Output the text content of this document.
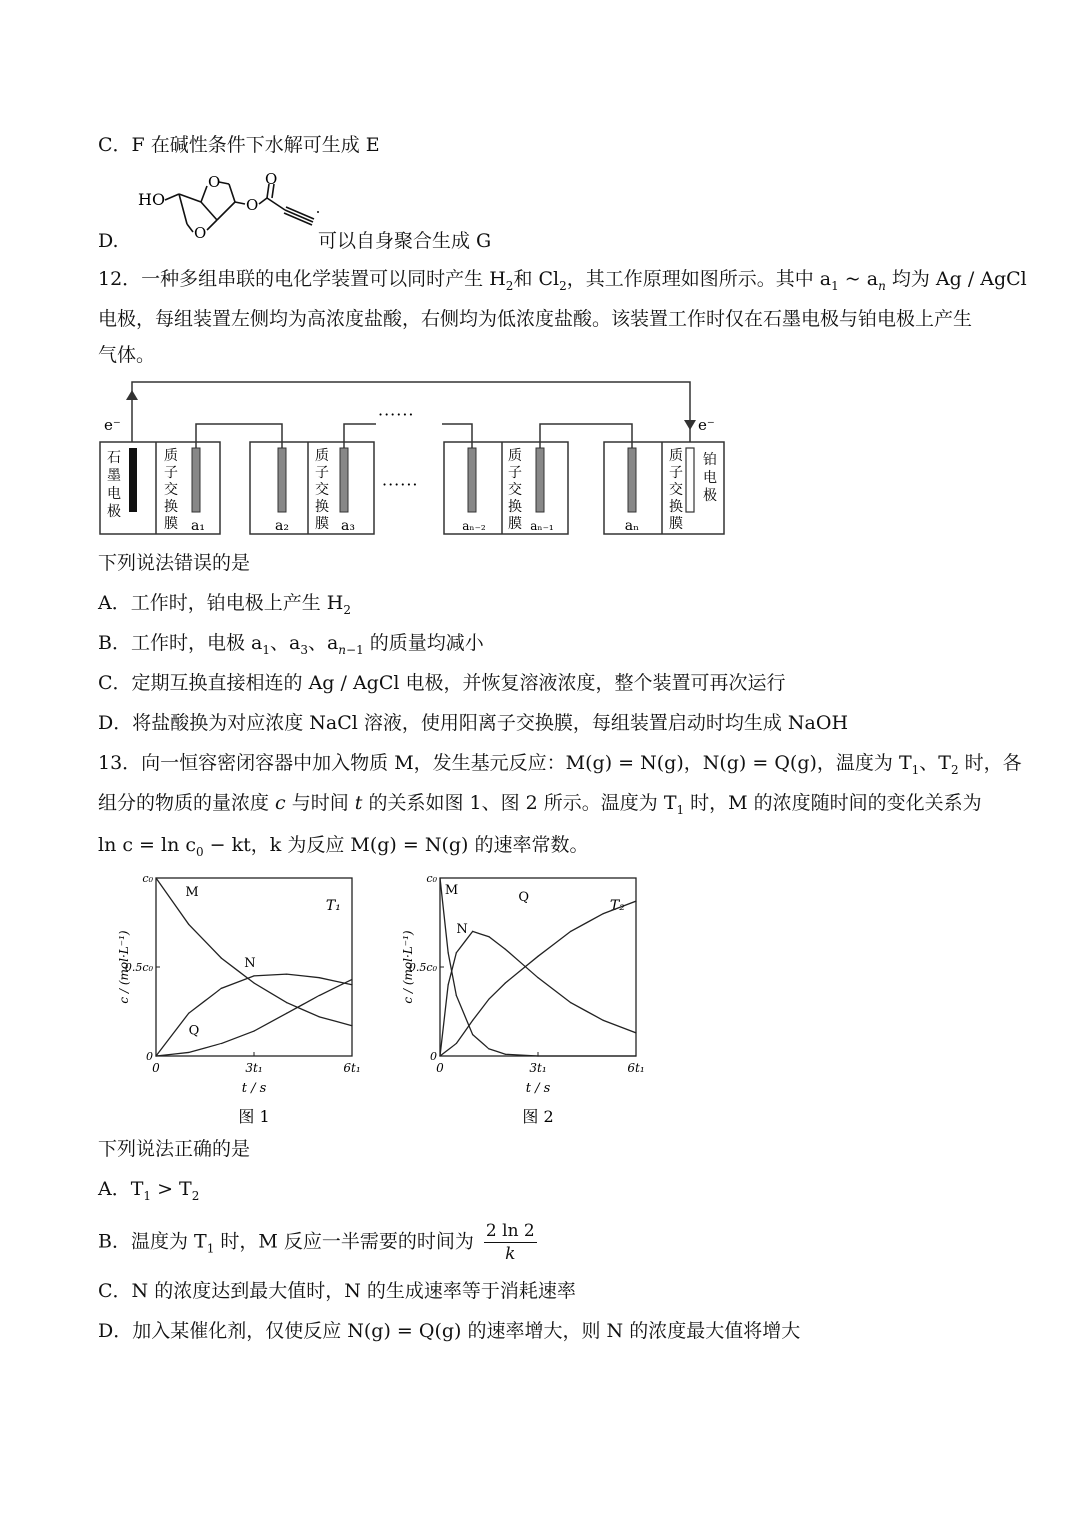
C．F 在碱性条件下水解可生成 E
D.
HO
O
O
O
O
可以自身聚合生成 G
12．一种多组串联的电化学装置可以同时产生 $H_2$和 $Cl_2$，其工作原理如图所示。其中 $a_1$ ~ $a_n$ 均为 Ag / AgCl
电极，每组装置左侧均为高浓度盐酸，右侧均为低浓度盐酸。该装置工作时仅在石墨电极与铂电极上产生
气体。
e⁻	e⁻
······
······
石
墨
电
极
质
子
交
换
膜
质
子
交
换
膜
质
子
交
换
膜
质
子
交
换
膜
铂
电
极
a₁	a₂	a₃	aₙ₋₂	aₙ₋₁	aₙ
下列说法错误的是
A．工作时，铂电极上产生 $H_2$
B．工作时，电极 $a_1$、$a_3$、$a_{n-1}$ 的质量均减小
C．定期互换直接相连的 Ag / AgCl 电极，并恢复溶液浓度，整个装置可再次运行
D．将盐酸换为对应浓度 NaCl 溶液，使用阳离子交换膜，每组装置启动时均生成 NaOH
13．向一恒容密闭容器中加入物质 M，发生基元反应：M(g) = N(g)，N(g) = Q(g)，温度为 $T_1$、$T_2$ 时，各
组分的物质的量浓度 c 与时间 t 的关系如图 1、图 2 所示。温度为 $T_1$ 时，M 的浓度随时间的变化关系为
$\ln c = \ln c_0$ − kt，k 为反应 M(g) = N(g) 的速率常数。
0
0.5c₀
c₀
0	3t₁	6t₁
t / s
c / (mol·L⁻¹)
图 1
T₁
M
N
Q
0
0.5c₀
c₀
0	3t₁	6t₁
t / s
c / (mol·L⁻¹)
图 2
T₂
M
N
Q
下列说法正确的是
A．$T_1 > T_2$
B．温度为 $T_1$ 时，M 反应一半需要的时间为 $\frac{2 \ln 2}{k}$
C．N 的浓度达到最大值时，N 的生成速率等于消耗速率
D．加入某催化剂，仅使反应 N(g) = Q(g) 的速率增大，则 N 的浓度最大值将增大
